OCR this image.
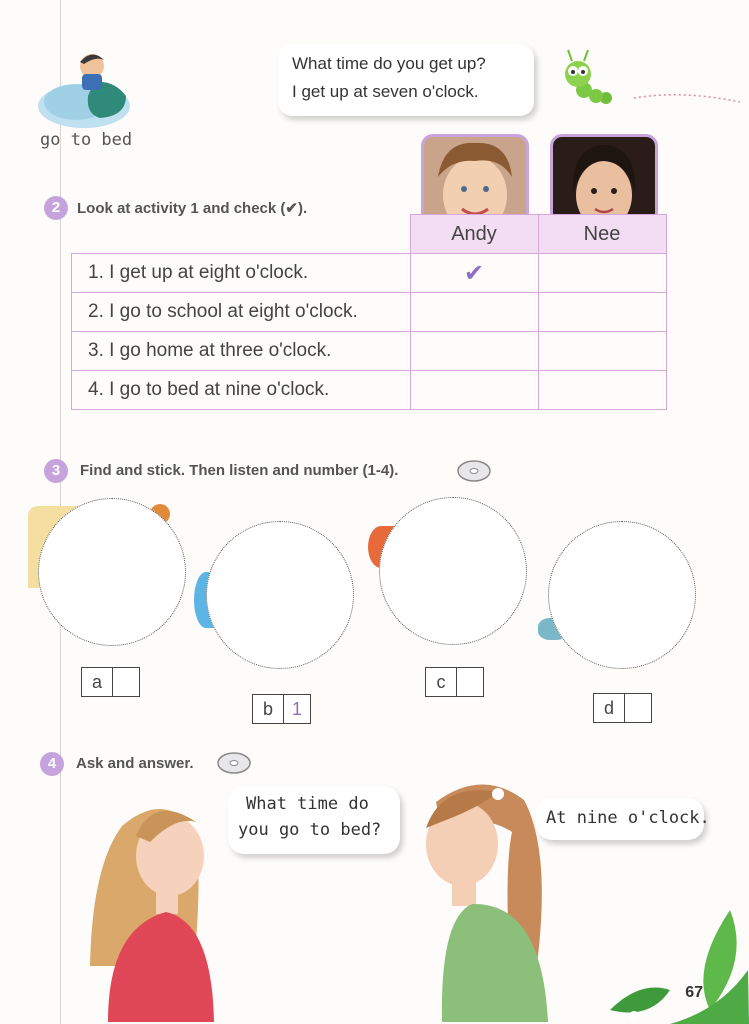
What time do you get up?
I get up at seven o'clock.
go to bed
2	Look at activity 1 and check (✔).
	Andy	Nee
1. I get up at eight o'clock.	✔	
2. I go to school at eight o'clock.		
3. I go home at three o'clock.		
4. I go to bed at nine o'clock.		
3	Find and stick. Then listen and number (1-4).
a
b	1
c
d
4	Ask and answer.
What time do
you go to bed?
At nine o'clock.
67
